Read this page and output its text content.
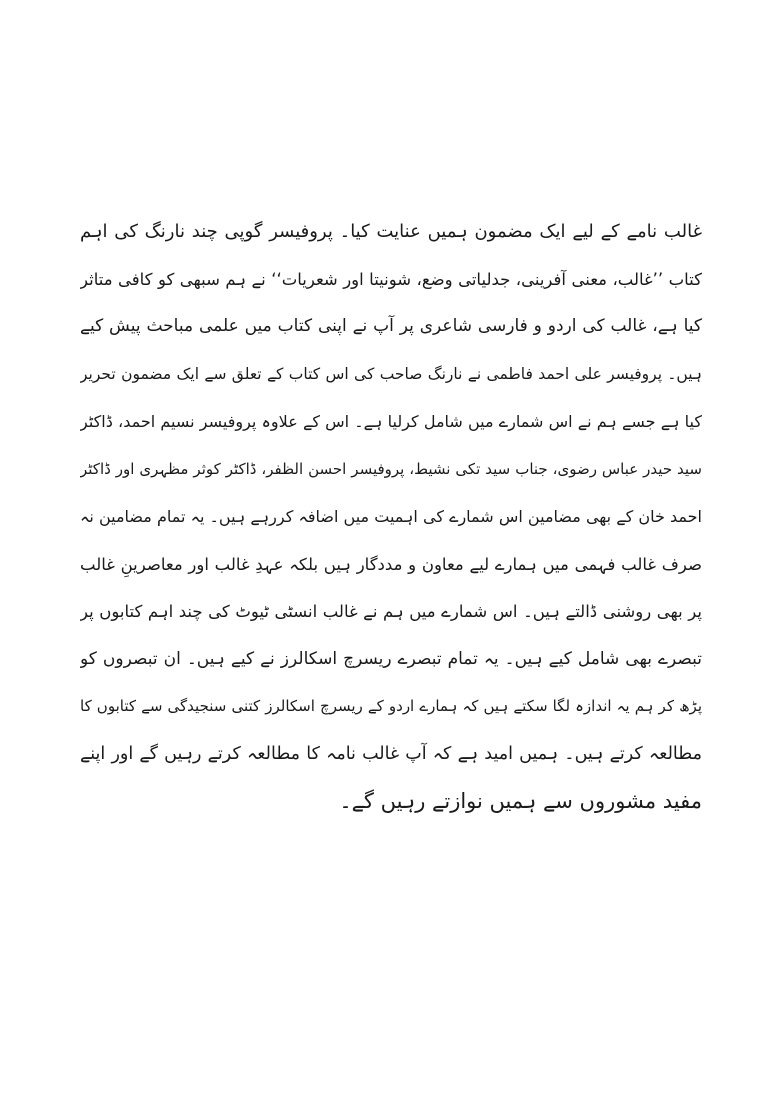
غالب نامے کے لیے ایک مضمون ہمیں عنایت کیا۔ پروفیسر گوپی چند نارنگ کی اہم
کتاب ’’غالب، معنی آفرینی، جدلیاتی وضع، شونیتا اور شعریات‘‘ نے ہم سبھی کو کافی متاثر
کیا ہے، غالب کی اردو و فارسی شاعری پر آپ نے اپنی کتاب میں علمی مباحث پیش کیے
ہیں۔ پروفیسر علی احمد فاطمی نے نارنگ صاحب کی اس کتاب کے تعلق سے ایک مضمون تحریر
کیا ہے جسے ہم نے اس شمارے میں شامل کرلیا ہے۔ اس کے علاوہ پروفیسر نسیم احمد، ڈاکٹر
سید حیدر عباس رضوی، جناب سید تکی نشیط، پروفیسر احسن الظفر، ڈاکٹر کوثر مظہری اور ڈاکٹر
احمد خان کے بھی مضامین اس شمارے کی اہمیت میں اضافہ کررہے ہیں۔ یہ تمام مضامین نہ
صرف غالب فہمی میں ہمارے لیے معاون و مددگار ہیں بلکہ عہدِ غالب اور معاصرینِ غالب
پر بھی روشنی ڈالتے ہیں۔ اس شمارے میں ہم نے غالب انسٹی ٹیوٹ کی چند اہم کتابوں پر
تبصرے بھی شامل کیے ہیں۔ یہ تمام تبصرے ریسرچ اسکالرز نے کیے ہیں۔ ان تبصروں کو
پڑھ کر ہم یہ اندازہ لگا سکتے ہیں کہ ہمارے اردو کے ریسرچ اسکالرز کتنی سنجیدگی سے کتابوں کا
مطالعہ کرتے ہیں۔ ہمیں امید ہے کہ آپ غالب نامہ کا مطالعہ کرتے رہیں گے اور اپنے
مفید مشوروں سے ہمیں نوازتے رہیں گے۔
